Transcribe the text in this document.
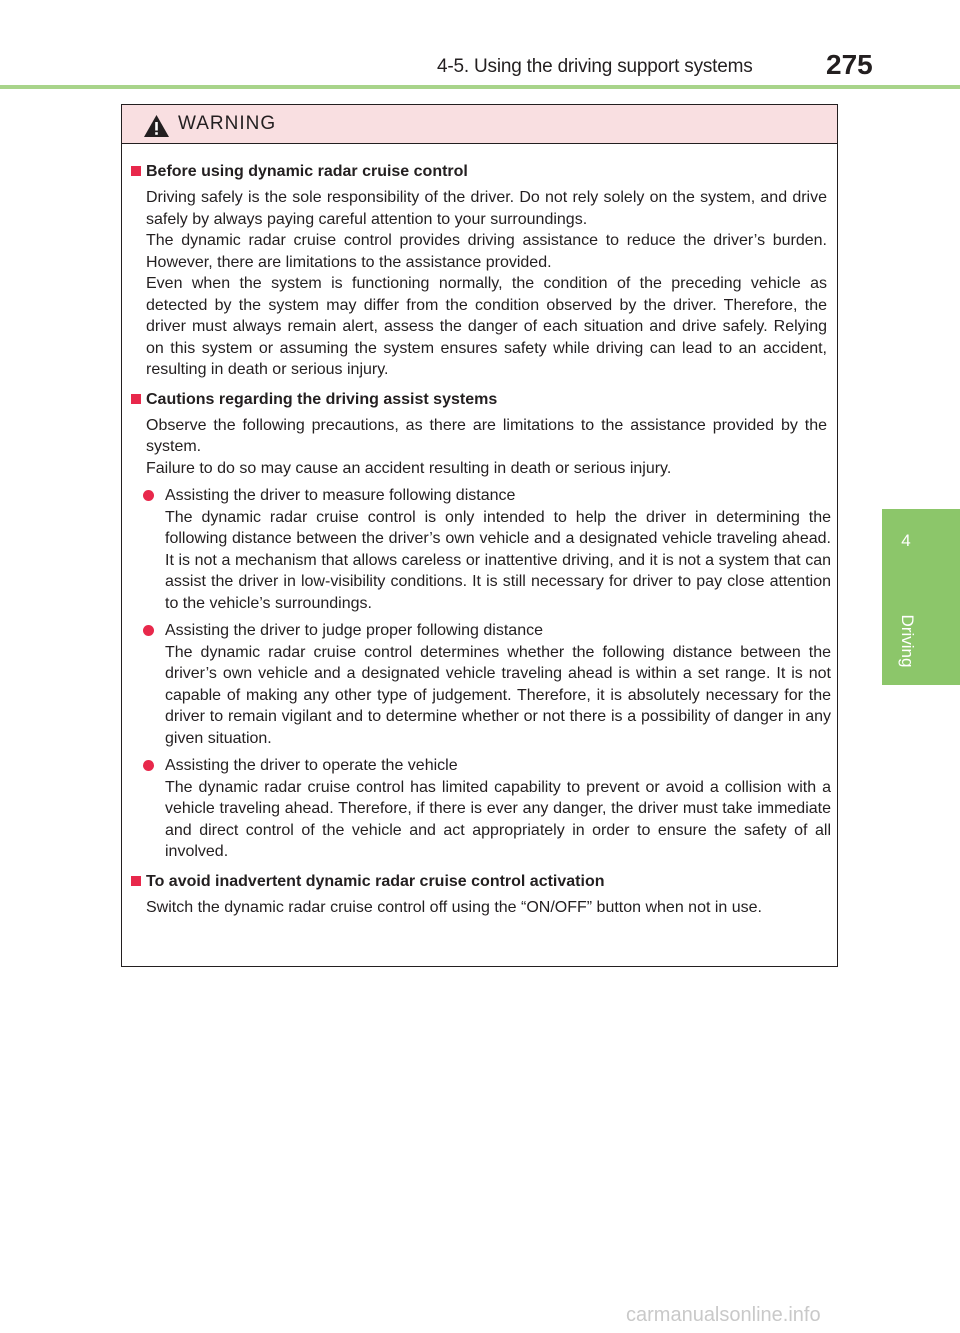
4-5. Using the driving support systems	275
4
Driving
WARNING
Before using dynamic radar cruise control
Driving safely is the sole responsibility of the driver. Do not rely solely on the system, and drive safely by always paying careful attention to your surroundings.
The dynamic radar cruise control provides driving assistance to reduce the driver’s burden. However, there are limitations to the assistance provided.
Even when the system is functioning normally, the condition of the preceding vehicle as detected by the system may differ from the condition observed by the driver. Therefore, the driver must always remain alert, assess the danger of each situation and drive safely. Relying on this system or assuming the system ensures safety while driving can lead to an accident, resulting in death or serious injury.
Cautions regarding the driving assist systems
Observe the following precautions, as there are limitations to the assistance provided by the system.
Failure to do so may cause an accident resulting in death or serious injury.
Assisting the driver to measure following distance
The dynamic radar cruise control is only intended to help the driver in determining the following distance between the driver’s own vehicle and a designated vehicle traveling ahead. It is not a mechanism that allows careless or inattentive driving, and it is not a system that can assist the driver in low-visibility conditions. It is still necessary for driver to pay close attention to the vehicle’s surroundings.
Assisting the driver to judge proper following distance
The dynamic radar cruise control determines whether the following distance between the driver’s own vehicle and a designated vehicle traveling ahead is within a set range. It is not capable of making any other type of judgement. Therefore, it is absolutely necessary for the driver to remain vigilant and to determine whether or not there is a possibility of danger in any given situation.
Assisting the driver to operate the vehicle
The dynamic radar cruise control has limited capability to prevent or avoid a collision with a vehicle traveling ahead. Therefore, if there is ever any danger, the driver must take immediate and direct control of the vehicle and act appropriately in order to ensure the safety of all involved.
To avoid inadvertent dynamic radar cruise control activation
Switch the dynamic radar cruise control off using the “ON/OFF” button when not in use.
carmanualsonline.info
